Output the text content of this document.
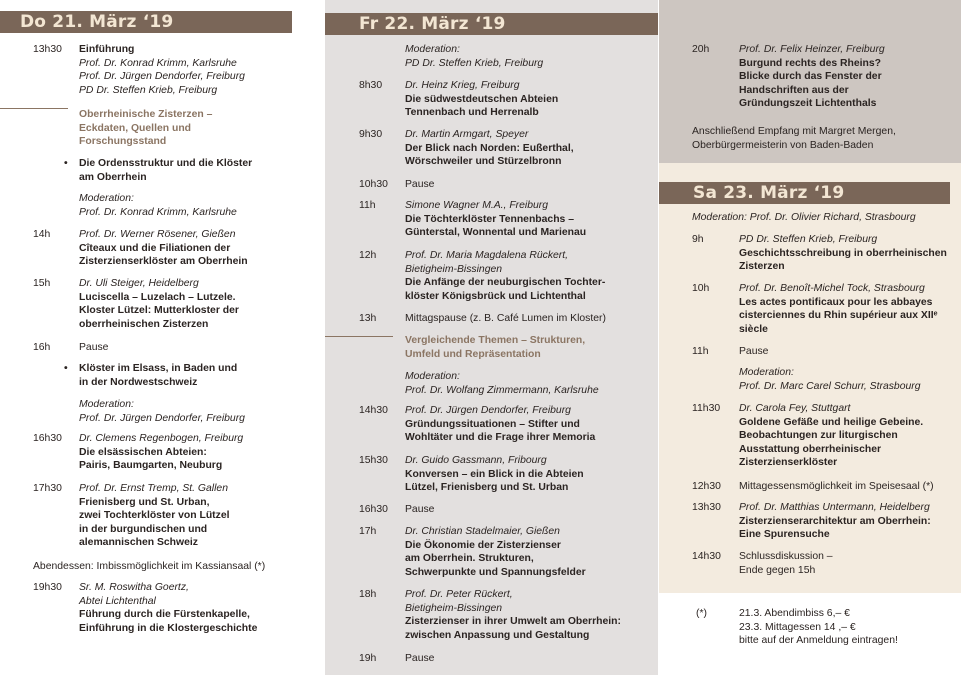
Do 21. März ‘19
13h30	Einführung
Prof. Dr. Konrad Krimm, Karlsruhe
Prof. Dr. Jürgen Dendorfer, Freiburg
PD Dr. Steffen Krieb, Freiburg
Oberrheinische Zisterzen –
Eckdaten, Quellen und
Forschungsstand
• Die Ordensstruktur und die Klöster
am Oberrhein
Moderation:
Prof. Dr. Konrad Krimm, Karlsruhe
14h	Prof. Dr. Werner Rösener, Gießen
Cîteaux und die Filiationen der
Zisterzienserklöster am Oberrhein
15h	Dr. Uli Steiger, Heidelberg
Luciscella – Luzelach – Lutzele.
Kloster Lützel: Mutterkloster der
oberrheinischen Zisterzen
16h	Pause
• Klöster im Elsass, in Baden und
in der Nordwestschweiz
Moderation:
Prof. Dr. Jürgen Dendorfer, Freiburg
16h30	Dr. Clemens Regenbogen, Freiburg
Die elsässischen Abteien:
Pairis, Baumgarten, Neuburg
17h30	Prof. Dr. Ernst Tremp, St. Gallen
Frienisberg und St. Urban,
zwei Tochterklöster von Lützel
in der burgundischen und
alemannischen Schweiz
Abendessen: Imbissmöglichkeit im Kassiansaal (*)
19h30	Sr. M. Roswitha Goertz,
Abtei Lichtenthal
Führung durch die Fürstenkapelle,
Einführung in die Klostergeschichte
Fr 22. März ‘19
Moderation:
PD Dr. Steffen Krieb, Freiburg
8h30	Dr. Heinz Krieg, Freiburg
Die südwestdeutschen Abteien
Tennenbach und Herrenalb
9h30	Dr. Martin Armgart, Speyer
Der Blick nach Norden: Eußerthal,
Wörschweiler und Stürzelbronn
10h30	Pause
11h	Simone Wagner M.A., Freiburg
Die Töchterklöster Tennenbachs –
Günterstal, Wonnental und Marienau
12h	Prof. Dr. Maria Magdalena Rückert,
Bietigheim-Bissingen
Die Anfänge der neuburgischen Tochter-
klöster Königsbrück und Lichtenthal
13h	Mittagspause (z. B. Café Lumen im Kloster)
Vergleichende Themen – Strukturen,
Umfeld und Repräsentation
Moderation:
Prof. Dr. Wolfang Zimmermann, Karlsruhe
14h30	Prof. Dr. Jürgen Dendorfer, Freiburg
Gründungssituationen – Stifter und
Wohltäter und die Frage ihrer Memoria
15h30	Dr. Guido Gassmann, Fribourg
Konversen – ein Blick in die Abteien
Lützel, Frienisberg und St. Urban
16h30	Pause
17h	Dr. Christian Stadelmaier, Gießen
Die Ökonomie der Zisterzienser
am Oberrhein. Strukturen,
Schwerpunkte und Spannungsfelder
18h	Prof. Dr. Peter Rückert,
Bietigheim-Bissingen
Zisterzienser in ihrer Umwelt am Oberrhein:
zwischen Anpassung und Gestaltung
19h	Pause
20h	Prof. Dr. Felix Heinzer, Freiburg
Burgund rechts des Rheins?
Blicke durch das Fenster der
Handschriften aus der
Gründungszeit Lichtenthals
Anschließend Empfang mit Margret Mergen,
Oberbürgermeisterin von Baden-Baden
Sa 23. März ‘19
Moderation: Prof. Dr. Olivier Richard, Strasbourg
9h	PD Dr. Steffen Krieb, Freiburg
Geschichtsschreibung in oberrheinischen
Zisterzen
10h	Prof. Dr. Benoît-Michel Tock, Strasbourg
Les actes pontificaux pour les abbayes
cisterciennes du Rhin supérieur aux XIIᵉ
siècle
11h	Pause
Moderation:
Prof. Dr. Marc Carel Schurr, Strasbourg
11h30	Dr. Carola Fey, Stuttgart
Goldene Gefäße und heilige Gebeine.
Beobachtungen zur liturgischen
Ausstattung oberrheinischer
Zisterzienserklöster
12h30	Mittagessensmöglichkeit im Speisesaal (*)
13h30	Prof. Dr. Matthias Untermann, Heidelberg
Zisterzienserarchitektur am Oberrhein:
Eine Spurensuche
14h30	Schlussdiskussion –
Ende gegen 15h
(*)	21.3. Abendimbiss 6,– €
23.3. Mittagessen 14 ,– €
bitte auf der Anmeldung eintragen!
